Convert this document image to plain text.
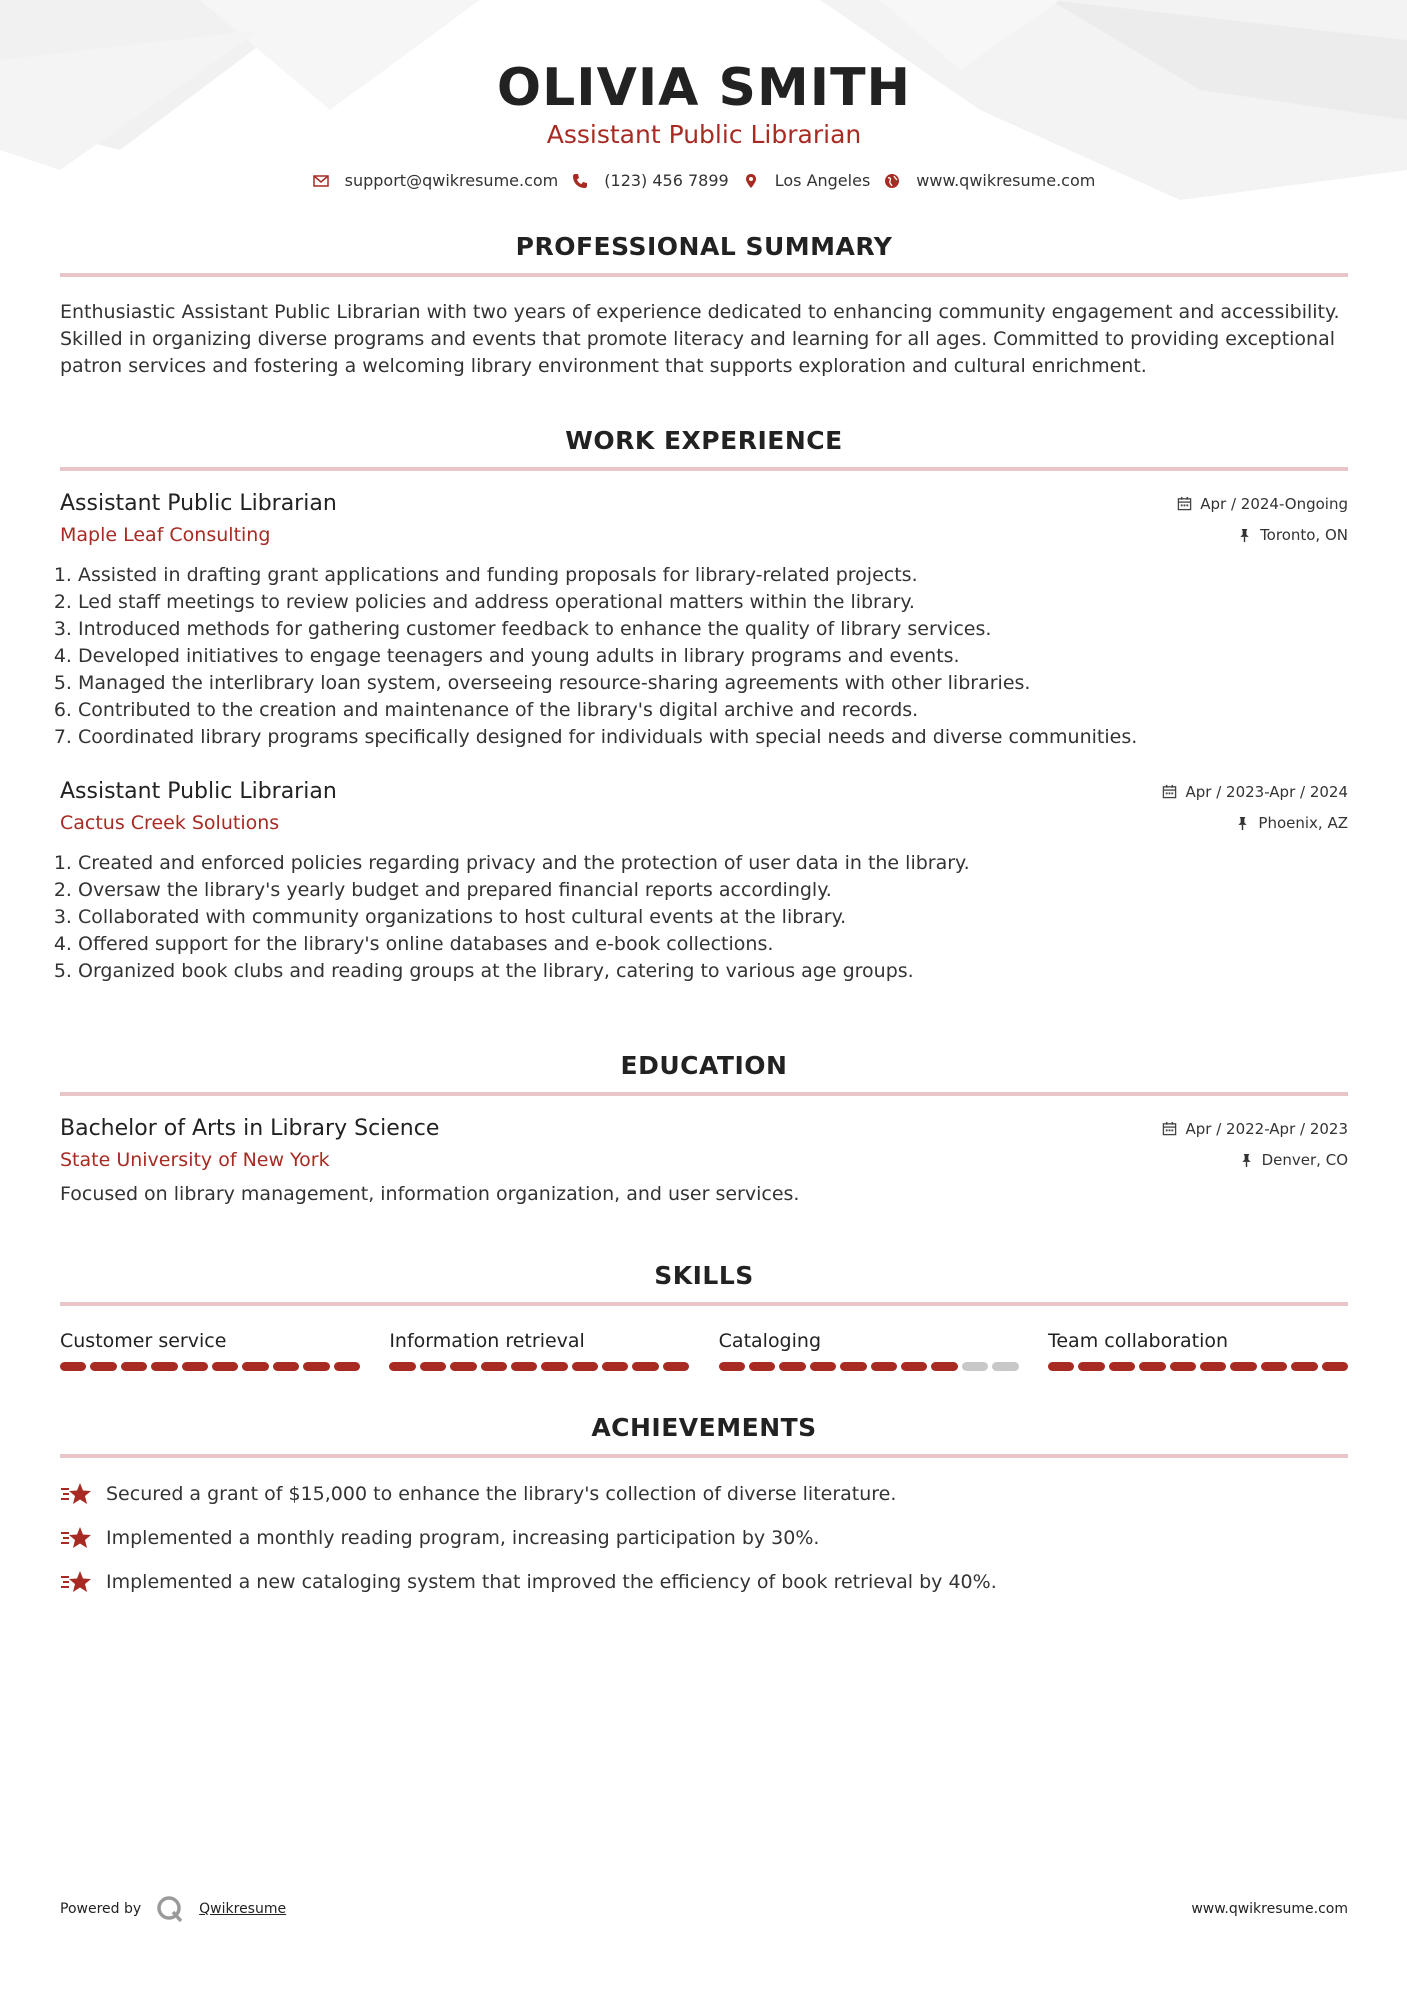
OLIVIA SMITH
Assistant Public Librarian
support@qwikresume.com	(123) 456 7899	Los Angeles	www.qwikresume.com
PROFESSIONAL SUMMARY
Enthusiastic Assistant Public Librarian with two years of experience dedicated to enhancing community engagement and accessibility. Skilled in organizing diverse programs and events that promote literacy and learning for all ages. Committed to providing exceptional patron services and fostering a welcoming library environment that supports exploration and cultural enrichment.
WORK EXPERIENCE
Assistant Public Librarian	Apr / 2024-Ongoing
Maple Leaf Consulting	Toronto, ON
1. Assisted in drafting grant applications and funding proposals for library-related projects.
2. Led staff meetings to review policies and address operational matters within the library.
3. Introduced methods for gathering customer feedback to enhance the quality of library services.
4. Developed initiatives to engage teenagers and young adults in library programs and events.
5. Managed the interlibrary loan system, overseeing resource-sharing agreements with other libraries.
6. Contributed to the creation and maintenance of the library's digital archive and records.
7. Coordinated library programs specifically designed for individuals with special needs and diverse communities.
Assistant Public Librarian	Apr / 2023-Apr / 2024
Cactus Creek Solutions	Phoenix, AZ
1. Created and enforced policies regarding privacy and the protection of user data in the library.
2. Oversaw the library's yearly budget and prepared financial reports accordingly.
3. Collaborated with community organizations to host cultural events at the library.
4. Offered support for the library's online databases and e-book collections.
5. Organized book clubs and reading groups at the library, catering to various age groups.
EDUCATION
Bachelor of Arts in Library Science	Apr / 2022-Apr / 2023
State University of New York	Denver, CO
Focused on library management, information organization, and user services.
SKILLS
Customer service	Information retrieval	Cataloging	Team collaboration
ACHIEVEMENTS
Secured a grant of $15,000 to enhance the library's collection of diverse literature.
Implemented a monthly reading program, increasing participation by 30%.
Implemented a new cataloging system that improved the efficiency of book retrieval by 40%.
Powered by	Qwikresume	www.qwikresume.com
